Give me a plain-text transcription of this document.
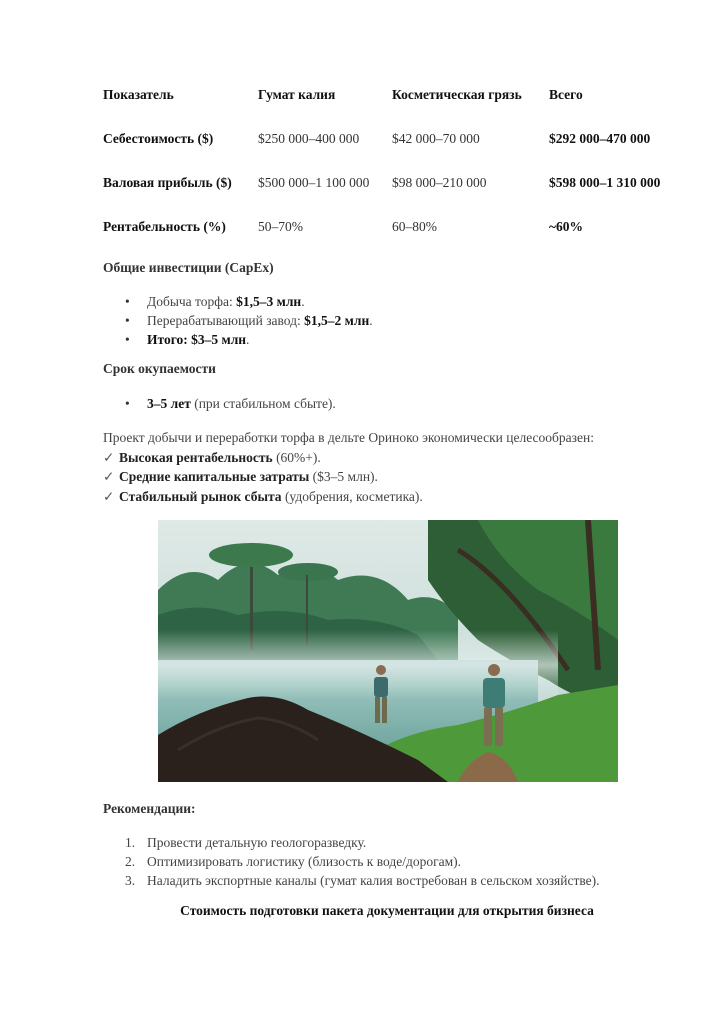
Показатель	Гумат калия	Косметическая грязь	Всего
Себестоимость ($)	$250 000–400 000	$42 000–70 000	$292 000–470 000
Валовая прибыль ($)	$500 000–1 100 000	$98 000–210 000	$598 000–1 310 000
Рентабельность (%)	50–70%	60–80%	~60%
Общие инвестиции (CapEx)
• Добыча торфа: $1,5–3 млн.
• Перерабатывающий завод: $1,5–2 млн.
• Итого: $3–5 млн.
Срок окупаемости
• 3–5 лет (при стабильном сбыте).
Проект добычи и переработки торфа в дельте Ориноко экономически целесообразен:
✓ Высокая рентабельность (60%+).
✓ Средние капитальные затраты ($3–5 млн).
✓ Стабильный рынок сбыта (удобрения, косметика).
Рекомендации:
1. Провести детальную геологоразведку.
2. Оптимизировать логистику (близость к воде/дорогам).
3. Наладить экспортные каналы (гумат калия востребован в сельском хозяйстве).
Стоимость подготовки пакета документации для открытия бизнеса
